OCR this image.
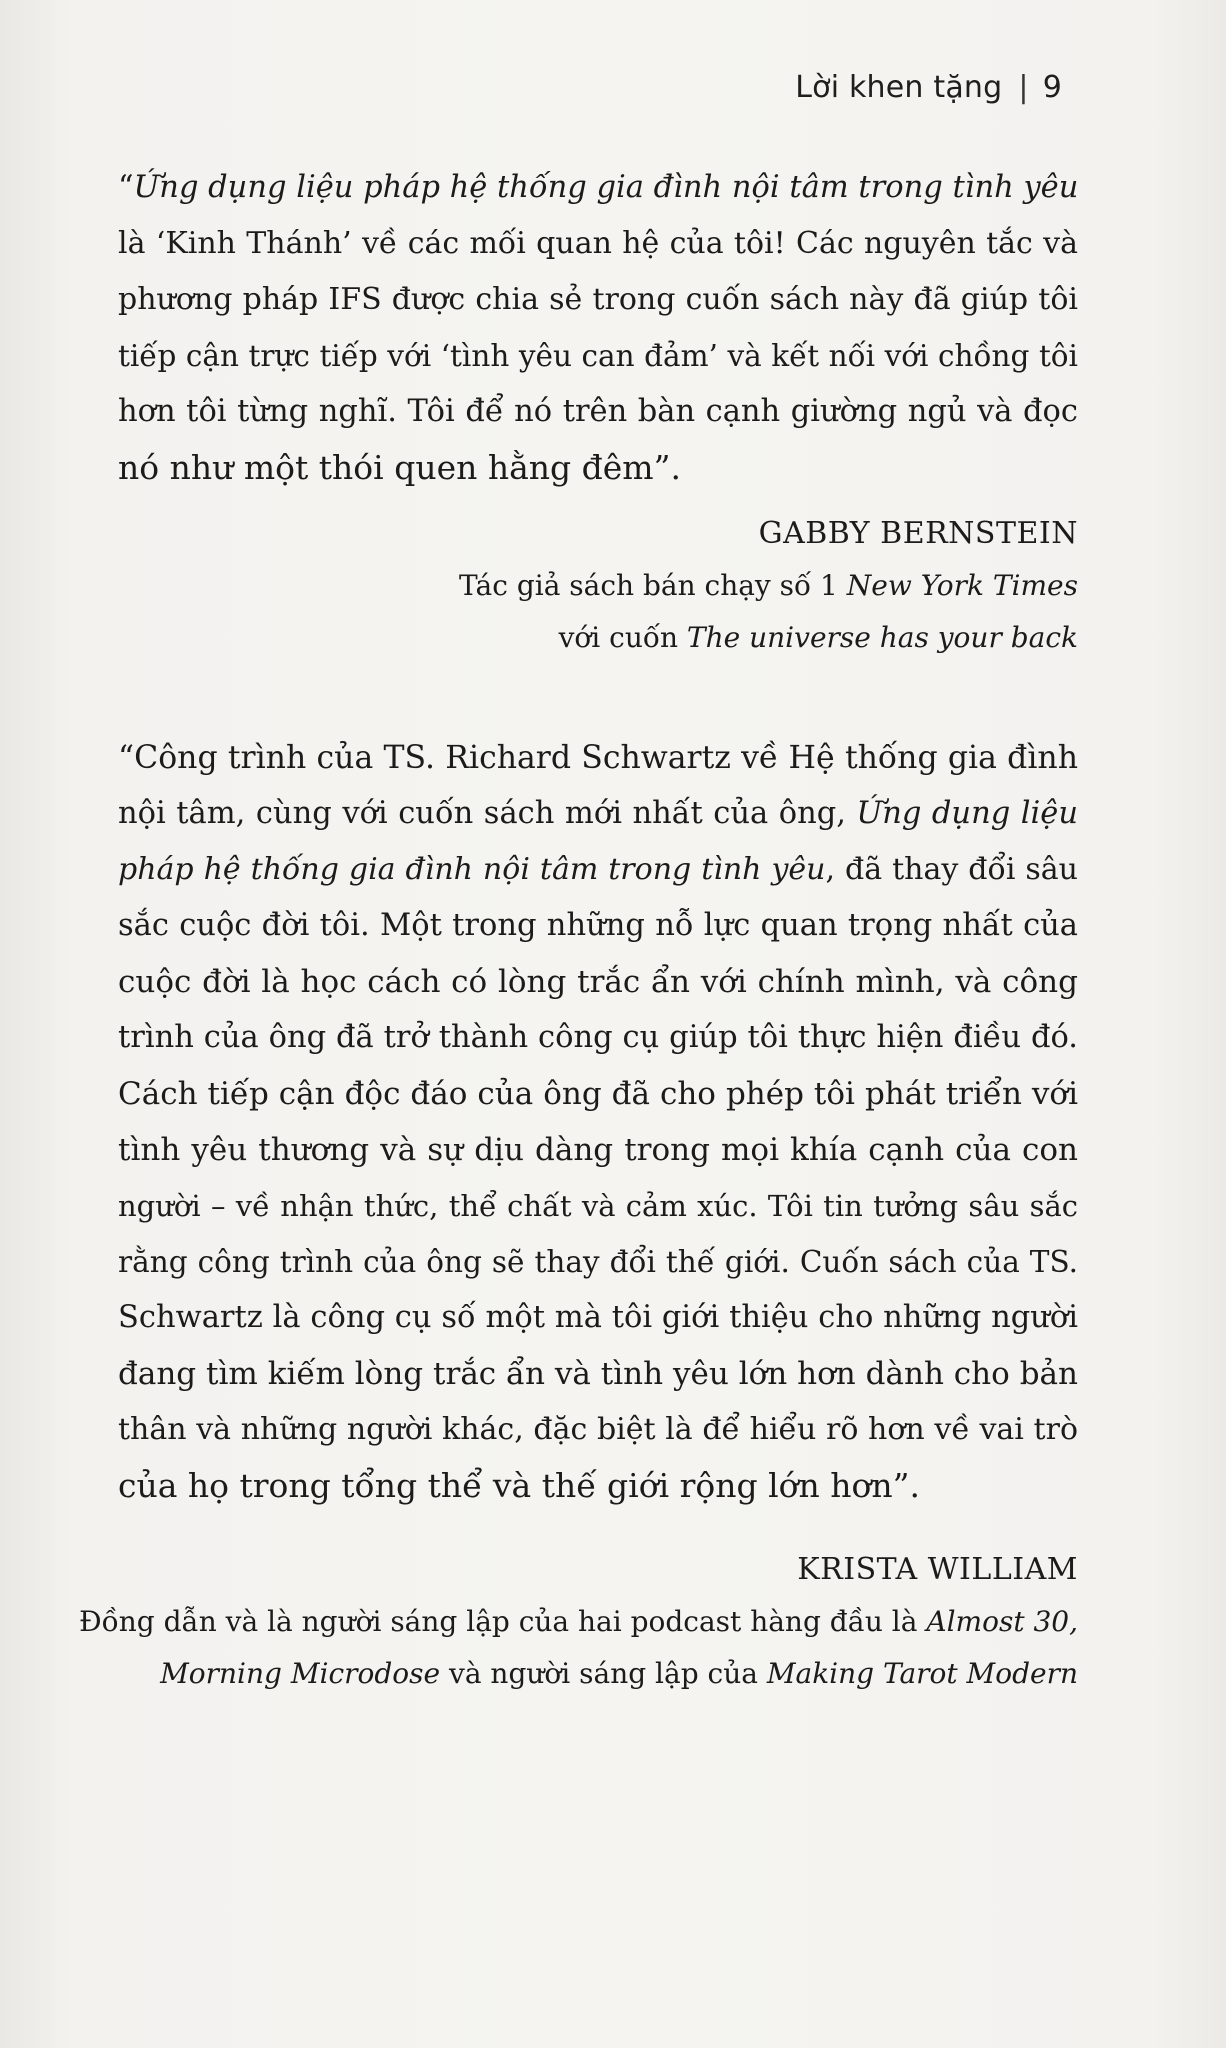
Lời khen tặng | 9
“Ứng dụng liệu pháp hệ thống gia đình nội tâm trong tình yêu
là ‘Kinh Thánh’ về các mối quan hệ của tôi! Các nguyên tắc và
phương pháp IFS được chia sẻ trong cuốn sách này đã giúp tôi
tiếp cận trực tiếp với ‘tình yêu can đảm’ và kết nối với chồng tôi
hơn tôi từng nghĩ. Tôi để nó trên bàn cạnh giường ngủ và đọc
nó như một thói quen hằng đêm”.
GABBY BERNSTEIN
Tác giả sách bán chạy số 1 New York Times
với cuốn The universe has your back
“Công trình của TS. Richard Schwartz về Hệ thống gia đình
nội tâm, cùng với cuốn sách mới nhất của ông, Ứng dụng liệu
pháp hệ thống gia đình nội tâm trong tình yêu, đã thay đổi sâu
sắc cuộc đời tôi. Một trong những nỗ lực quan trọng nhất của
cuộc đời là học cách có lòng trắc ẩn với chính mình, và công
trình của ông đã trở thành công cụ giúp tôi thực hiện điều đó.
Cách tiếp cận độc đáo của ông đã cho phép tôi phát triển với
tình yêu thương và sự dịu dàng trong mọi khía cạnh của con
người – về nhận thức, thể chất và cảm xúc. Tôi tin tưởng sâu sắc
rằng công trình của ông sẽ thay đổi thế giới. Cuốn sách của TS.
Schwartz là công cụ số một mà tôi giới thiệu cho những người
đang tìm kiếm lòng trắc ẩn và tình yêu lớn hơn dành cho bản
thân và những người khác, đặc biệt là để hiểu rõ hơn về vai trò
của họ trong tổng thể và thế giới rộng lớn hơn”.
KRISTA WILLIAM
Đồng dẫn và là người sáng lập của hai podcast hàng đầu là Almost 30,
Morning Microdose và người sáng lập của Making Tarot Modern
